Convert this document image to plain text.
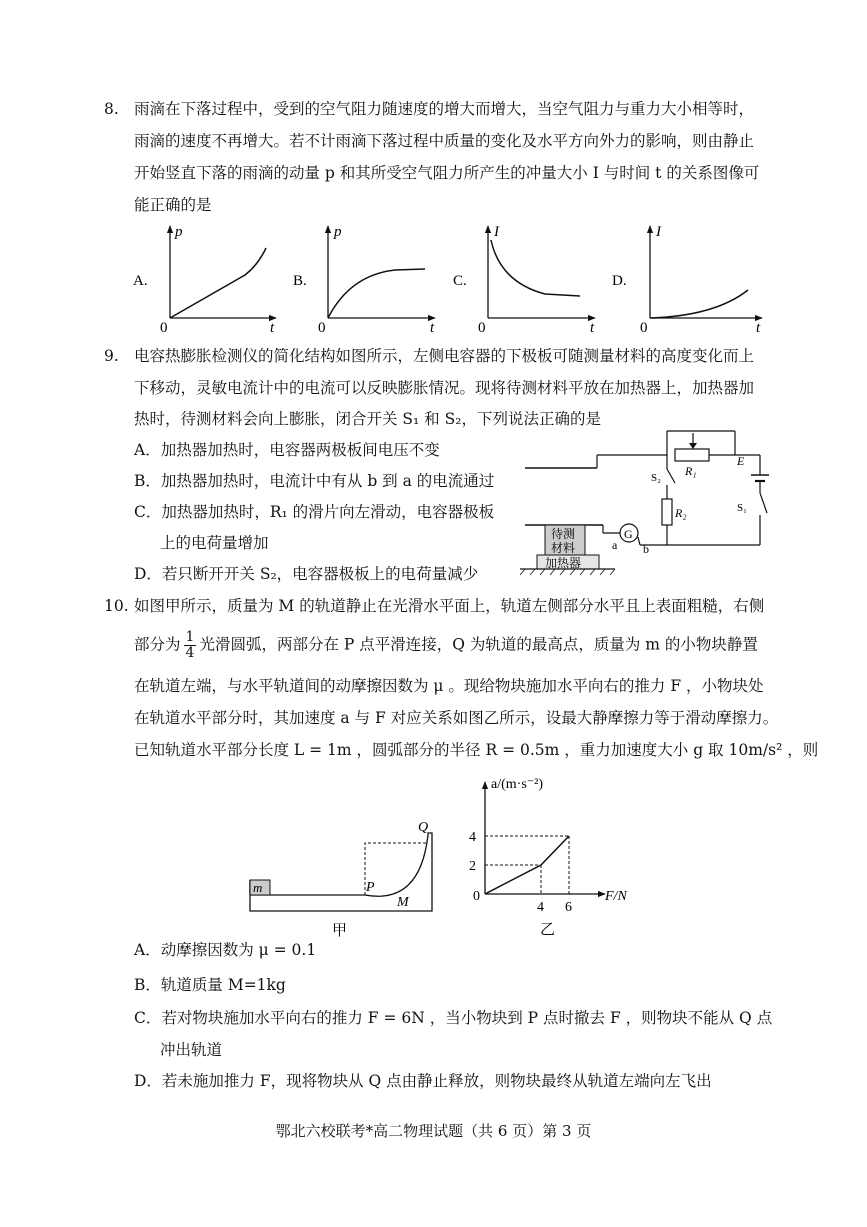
8. 雨滴在下落过程中，受到的空气阻力随速度的增大而增大，当空气阻力与重力大小相等时，
雨滴的速度不再增大。若不计雨滴下落过程中质量的变化及水平方向外力的影响，则由静止
开始竖直下落的雨滴的动量 p 和其所受空气阻力所产生的冲量大小 I 与时间 t 的关系图像可
能正确的是
A.
p
t
0
B.
p
t
0
C.
I
t
0
D.
I
t
0
9. 电容热膨胀检测仪的简化结构如图所示，左侧电容器的下极板可随测量材料的高度变化而上
下移动，灵敏电流计中的电流可以反映膨胀情况。现将待测材料平放在加热器上，加热器加
热时，待测材料会向上膨胀，闭合开关 S₁ 和 S₂，下列说法正确的是
A．加热器加热时，电容器两极板间电压不变
B．加热器加热时，电流计中有从 b 到 a 的电流通过
C．加热器加热时，R₁ 的滑片向左滑动，电容器极板
上的电荷量增加
D．若只断开开关 S₂，电容器极板上的电荷量减少
R₁
E
S₁
S₂
R₂
G
a b
待测
材料
加热器
10. 如图甲所示，质量为 M 的轨道静止在光滑水平面上，轨道左侧部分水平且上表面粗糙，右侧
部分为 $\frac{1}{4}$ 光滑圆弧，两部分在 P 点平滑连接，Q 为轨道的最高点，质量为 m 的小物块静置
在轨道左端，与水平轨道间的动摩擦因数为 μ 。现给物块施加水平向右的推力 F ，小物块处
在轨道水平部分时，其加速度 a 与 F 对应关系如图乙所示，设最大静摩擦力等于滑动摩擦力。
已知轨道水平部分长度 L = 1m ，圆弧部分的半径 R = 0.5m ，重力加速度大小 g 取 10m/s² ，则
m	P
Q
M
甲
a/(m·s⁻²)
F/N
0
2
4
4 6
乙
A．动摩擦因数为 μ = 0.1
B．轨道质量 M=1kg
C．若对物块施加水平向右的推力 F = 6N ，当小物块到 P 点时撤去 F ，则物块不能从 Q 点
冲出轨道
D．若未施加推力 F，现将物块从 Q 点由静止释放，则物块最终从轨道左端向左飞出
鄂北六校联考*高二物理试题（共 6 页）第 3 页
